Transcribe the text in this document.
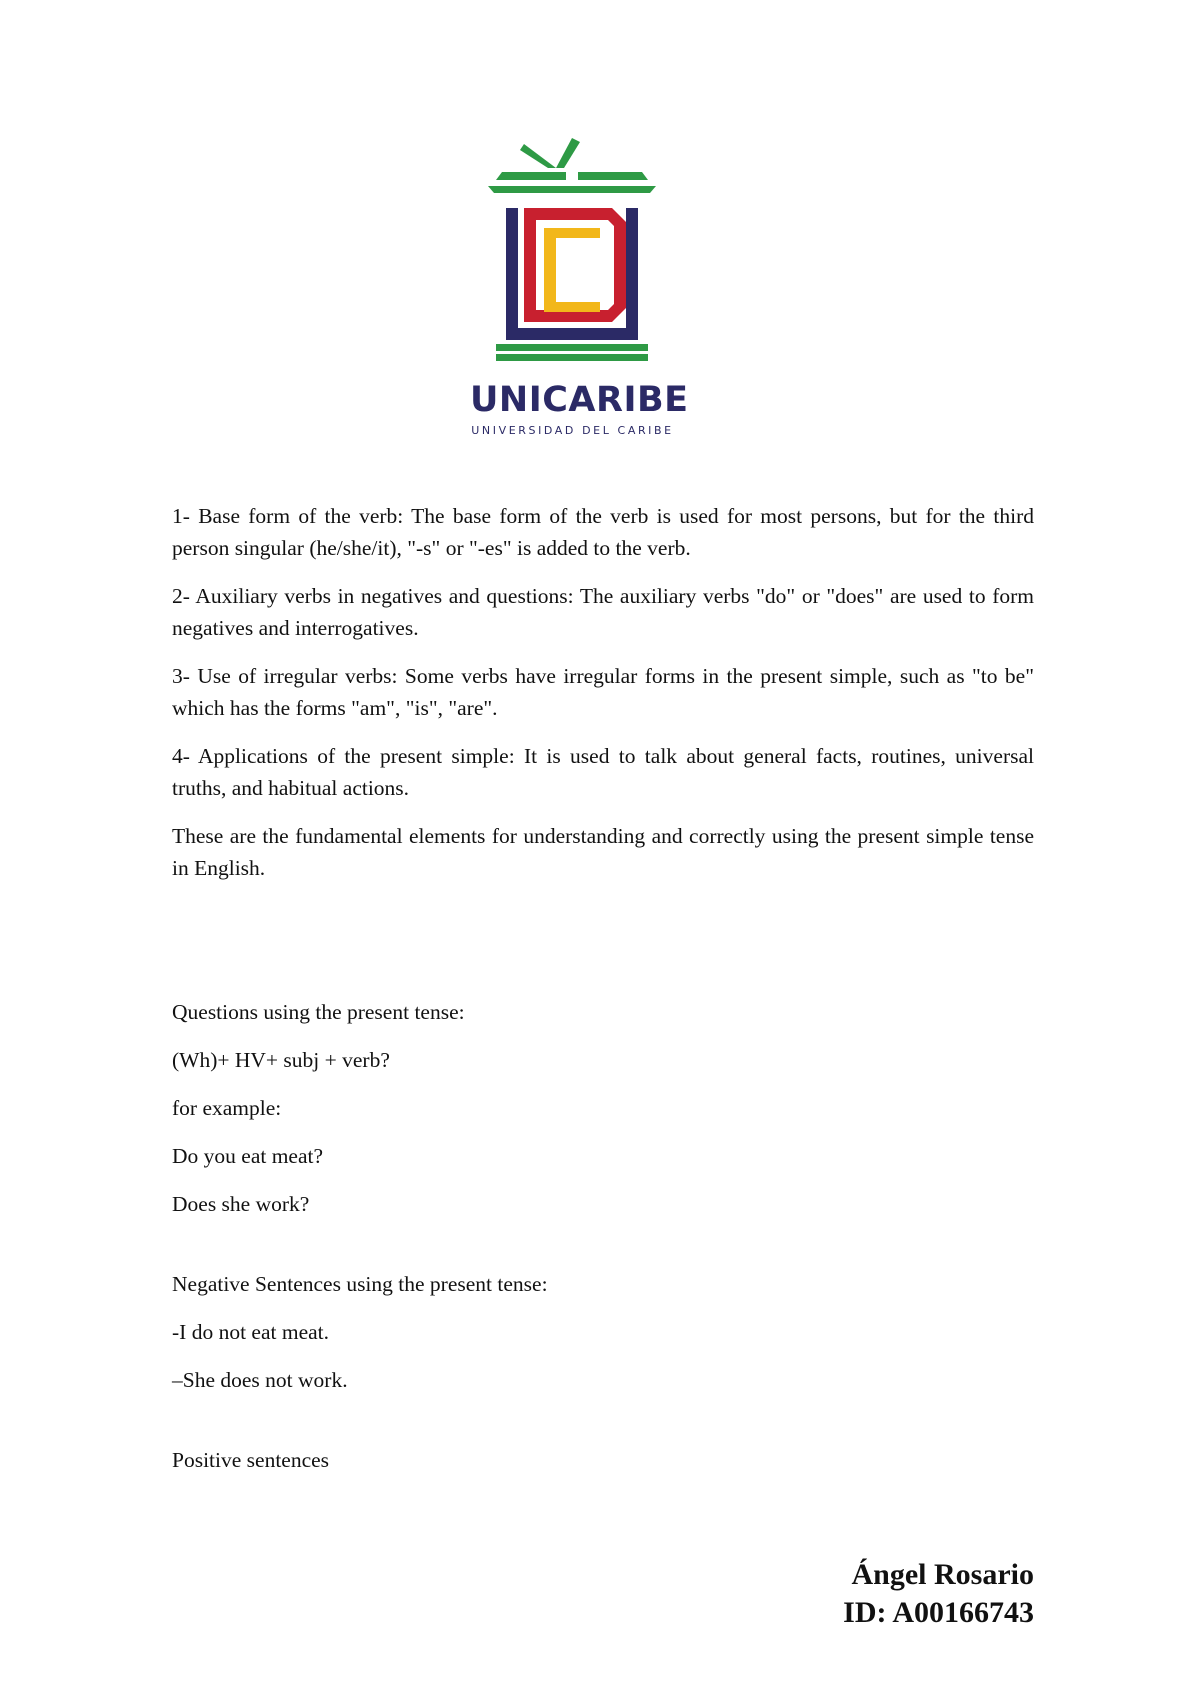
UNICARIBE
UNIVERSIDAD DEL CARIBE

1- Base form of the verb: The base form of the verb is used for most persons, but for the third person singular (he/she/it), "-s" or "-es" is added to the verb.

2- Auxiliary verbs in negatives and questions: The auxiliary verbs "do" or "does" are used to form negatives and interrogatives.

3- Use of irregular verbs: Some verbs have irregular forms in the present simple, such as "to be" which has the forms "am", "is", "are".

4- Applications of the present simple: It is used to talk about general facts, routines, universal truths, and habitual actions.

These are the fundamental elements for understanding and correctly using the present simple tense in English.

Questions using the present tense:

(Wh)+ HV+ subj + verb?

for example:

Do you eat meat?

Does she work?

Negative Sentences using the present tense:

-I do not eat meat.

–She does not work.

Positive sentences

Ángel Rosario
ID: A00166743
